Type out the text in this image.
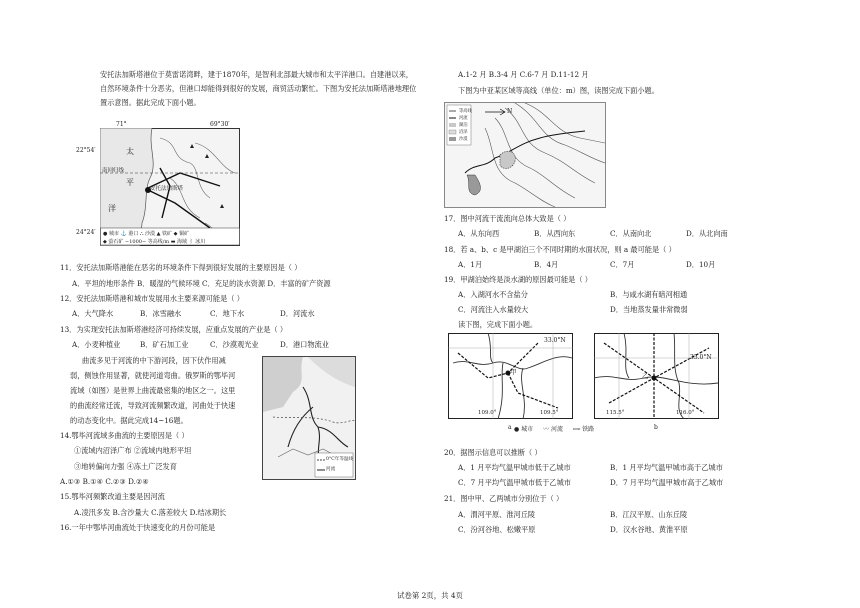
安托法加斯塔港位于莫雷诺湾畔，建于1870年，是智利北部最大城市和太平洋港口。自建港以来，
自然环境条件十分恶劣，但港口却能得到很好的发展，商贸活动繁忙。下图为安托法加斯塔港地理位
置示意图。据此完成下面小题。
71°	69°30′
22°54′
24°24′
太
平
洋
南回归线
安托法加斯塔
● 城市 ⚓ 港口 ⛬ 沙漠 ▲ 铁矿 ◆ 铜矿
◆ 萤石矿 −1000− 等高线/m ▬ 海域 ⌇ 冰川
11．安托法加斯塔港能在恶劣的环境条件下得到很好发展的主要原因是（ ）
A．平坦的地形条件 B．暖湿的气候环境 C．充足的淡水资源 D．丰富的矿产资源
12．安托法加斯塔港和城市发展用水主要来源可能是（ ）
A．大气降水	B．冰雪融水	C．地下水	D．河流水
13．为实现安托法加斯塔港经济可持续发展，应重点发展的产业是（ ）
A．小麦种植业	B．矿石加工业	C．沙漠观光业	D．港口物流业
曲流多见于河流的中下游河段，因下伏作用减
弱，侧蚀作用显著，就使河道弯曲。俄罗斯的鄂毕河
流域（如图）是世界上曲流最密集的地区之一。这里
的曲流经常迁流，导致河流频繁改道，河曲处于快速
的动态变化中。据此完成14~16题。
0°C年等温线
河流
14.鄂毕河流域多曲流的主要原因是（ ）
①流域内沼泽广布 ②流域内地形平坦
③地转偏向力强 ④冻土广泛发育
A.①③ B.①④ C.②③ D.②④
15.鄂毕河频繁改道主要是因河流
A.凌汛多发 B.含沙量大 C.落差较大 D.结冰期长
16.一年中鄂毕河曲流处于快速变化的月份可能是
A.1-2 月 B.3-4 月 C.6-7 月 D.11-12 月
下图为中亚某区域等高线（单位：m）图，读图完成下面小题。
等高线
河流
湖泊
沼泽
沙漠
N
17．图中河流干流流向总体大致是（ ）
A．从东向西	B．从西向东	C．从南向北	D．从北向南
18．若 a、b、c 是甲湖泊三个不同时期的水面状况，则 a 最可能是（ ）
A．1月	B．4月	C．7月	D．10月
19．甲湖泊始终是淡水湖的原因最可能是（ ）
A．入湖河水不含盐分	B．与咸水湖有暗河相通
C．河流注入水量较大	D．当地蒸发量非常微弱
读下图，完成下面小题。
33.0°N
甲
109.0°	109.5°
a
33.0°N
乙
115.5°	116.0°
b
● 城市 〰 河流 ┅┅ 铁路
20．据图示信息可以推断（ ）
A．1 月平均气温甲城市低于乙城市	B．1 月平均气温甲城市高于乙城市
C．7 月平均气温甲城市低于乙城市	D．7 月平均气温甲城市高于乙城市
21．图中甲、乙两城市分别位于（ ）
A．渭河平原、淮河丘陵	B．江汉平原、山东丘陵
C．汾河谷地、松嫩平原	D．汉水谷地、黄淮平原
试卷第 2页，共 4页
